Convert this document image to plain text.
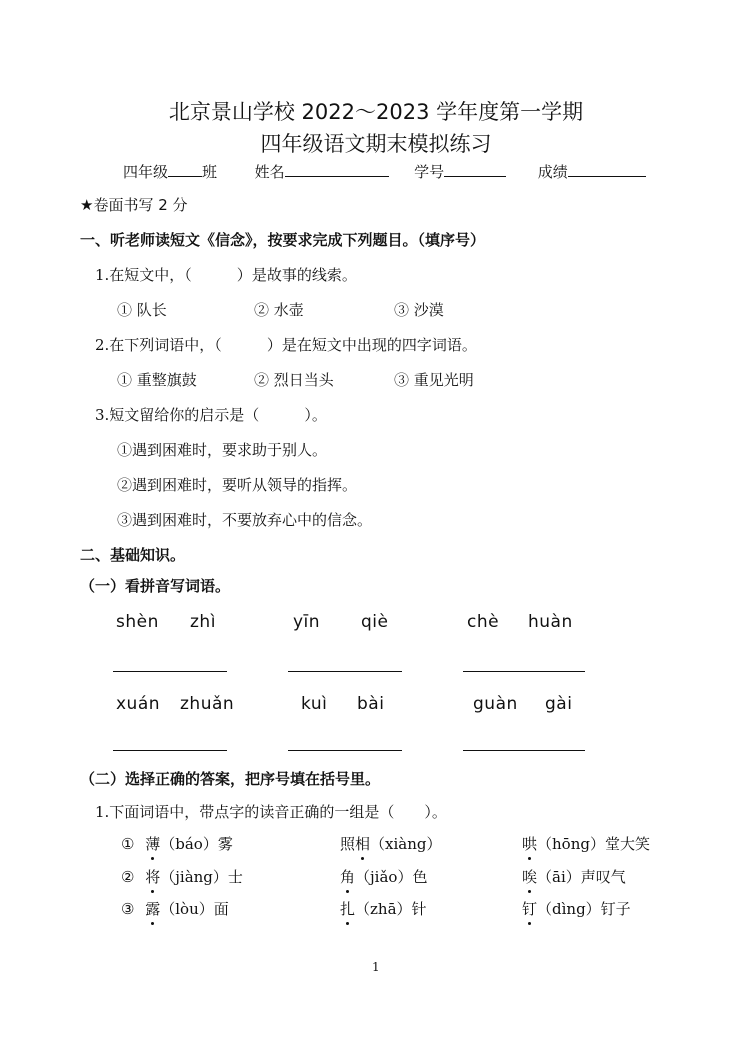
北京景山学校 2022～2023 学年度第一学期
四年级语文期末模拟练习
四年级 班	姓名	学号	成绩
★卷面书写 2 分
一、听老师读短文《信念》，按要求完成下列题目。（填序号）
1.在短文中，（　　　）是故事的线索。
① 队长	② 水壶	③ 沙漠
2.在下列词语中，（　　　）是在短文中出现的四字词语。
① 重整旗鼓	② 烈日当头	③ 重见光明
3.短文留给你的启示是（　　　）。
①遇到困难时，要求助于别人。
②遇到困难时，要听从领导的指挥。
③遇到困难时，不要放弃心中的信念。
二、基础知识。
（一）看拼音写词语。
shèn zhì	yīn qiè	chè huàn
xuán zhuǎn	kuì bài	guàn gài
（二）选择正确的答案，把序号填在括号里。
1.下面词语中，带点字的读音正确的一组是（　　）。
① 薄（báo）雾	照相（xiàng）	哄（hōng）堂大笑
② 将（jiàng）士	角（jiǎo）色	唉（āi）声叹气
③ 露（lòu）面	扎（zhā）针	钉（dìng）钉子
1
